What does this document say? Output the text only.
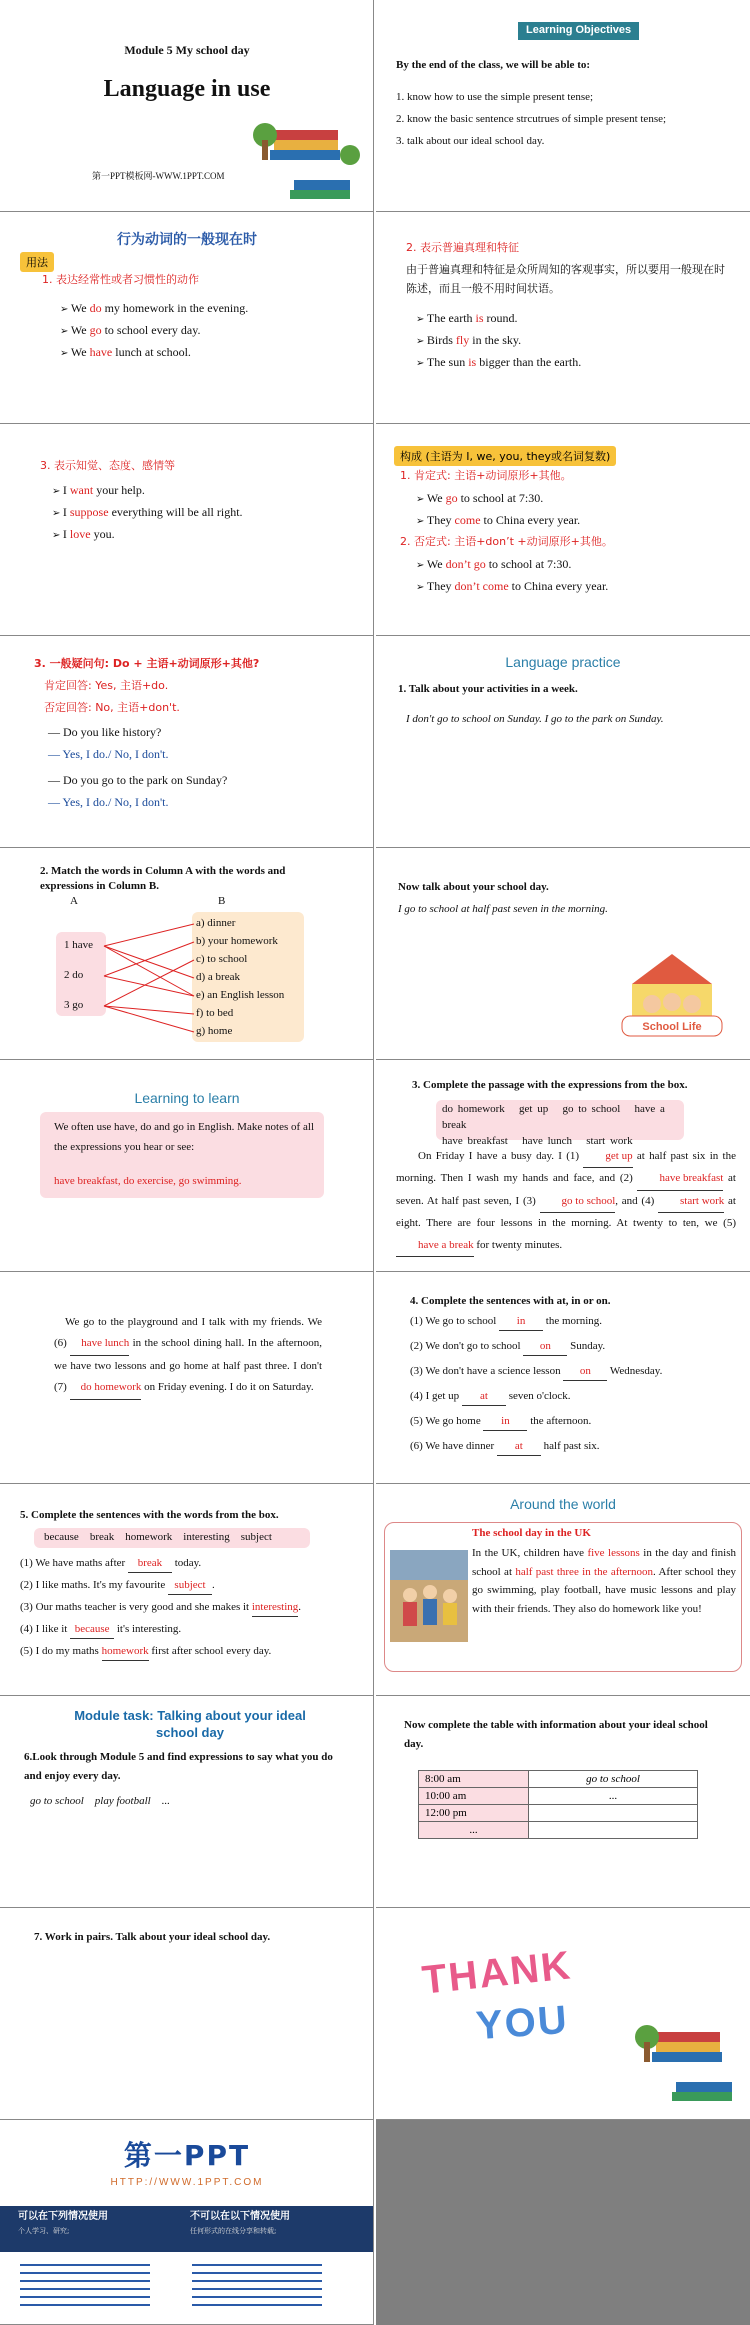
Module 5 My school day
Language in use
第一PPT模板网-WWW.1PPT.COM
Learning Objectives
By the end of the class, we will be able to:
1. know how to use the simple present tense;
2. know the basic sentence strcutrues of simple present tense;
3. talk about our ideal school day.
行为动词的一般现在时
用法
1. 表达经常性或者习惯性的动作
➢ We do my homework in the evening.
➢ We go to school every day.
➢ We have lunch at school.
2. 表示普遍真理和特征
由于普遍真理和特征是众所周知的客观事实，所以要用一般现在时陈述，而且一般不用时间状语。
➢ The earth is round.
➢ Birds fly in the sky.
➢ The sun is bigger than the earth.
3. 表示知觉、态度、感情等
➢ I want your help.
➢ I suppose everything will be all right.
➢ I love you.
构成 (主语为 I, we, you, they或名词复数)
1. 肯定式: 主语+动词原形+其他。
➢ We go to school at 7:30.
➢ They come to China every year.
2. 否定式: 主语+don’t +动词原形+其他。
➢ We don’t go to school at 7:30.
➢ They don’t come to China every year.
3. 一般疑问句: Do + 主语+动词原形+其他?
肯定回答: Yes, 主语+do.
否定回答: No, 主语+don't.
— Do you like history?
— Yes, I do./ No, I don't.
— Do you go to the park on Sunday?
— Yes, I do./ No, I don't.
Language practice
1. Talk about your activities in a week.
I don't go to school on Sunday. I go to the park on Sunday.
2. Match the words in Column A with the words and expressions in Column B.
A	B
1 have
2 do
3 go
a) dinner
b) your homework
c) to school
d) a break
e) an English lesson
f) to bed
g) home
Now talk about your school day.
I go to school at half past seven in the morning.
School Life
Learning to learn
We often use have, do and go in English. Make notes of all the expressions you hear or see:
have breakfast, do exercise, go swimming.
3. Complete the passage with the expressions from the box.
do homework get up go to school have a break
have breakfast have lunch start work
On Friday I have a busy day. I (1) get up at half past six in the morning. Then I wash my hands and face, and (2) have breakfast at seven. At half past seven, I (3) go to school, and (4) start work at eight. There are four lessons in the morning. At twenty to ten, we (5) have a break for twenty minutes.
We go to the playground and I talk with my friends. We (6) have lunch in the school dining hall. In the afternoon, we have two lessons and go home at half past three. I don't (7) do homework on Friday evening. I do it on Saturday.
4. Complete the sentences with at, in or on.
(1) We go to school in the morning.
(2) We don't go to school on Sunday.
(3) We don't have a science lesson on Wednesday.
(4) I get up at seven o'clock.
(5) We go home in the afternoon.
(6) We have dinner at half past six.
5. Complete the sentences with the words from the box.
because break homework interesting subject
(1) We have maths after break today.
(2) I like maths. It's my favourite subject .
(3) Our maths teacher is very good and she makes it interesting.
(4) I like it because it's interesting.
(5) I do my maths homework first after school every day.
Around the world
The school day in the UK
In the UK, children have five lessons in the day and finish school at half past three in the afternoon. After school they go swimming, play football, have music lessons and play with their friends. They also do homework like you!
Module task: Talking about your ideal school day
6.Look through Module 5 and find expressions to say what you do and enjoy every day.
go to school    play football    ...
Now complete the table with information about your ideal school day.
8:00 am	go to school
10:00 am	...
12:00 pm	
...	
7. Work in pairs. Talk about your ideal school day.
THANK
YOU
第一PPT
HTTP://WWW.1PPT.COM
可以在下列情况使用	不可以在以下情况使用
个人学习、研究;	任何形式的在线分享和转载;
